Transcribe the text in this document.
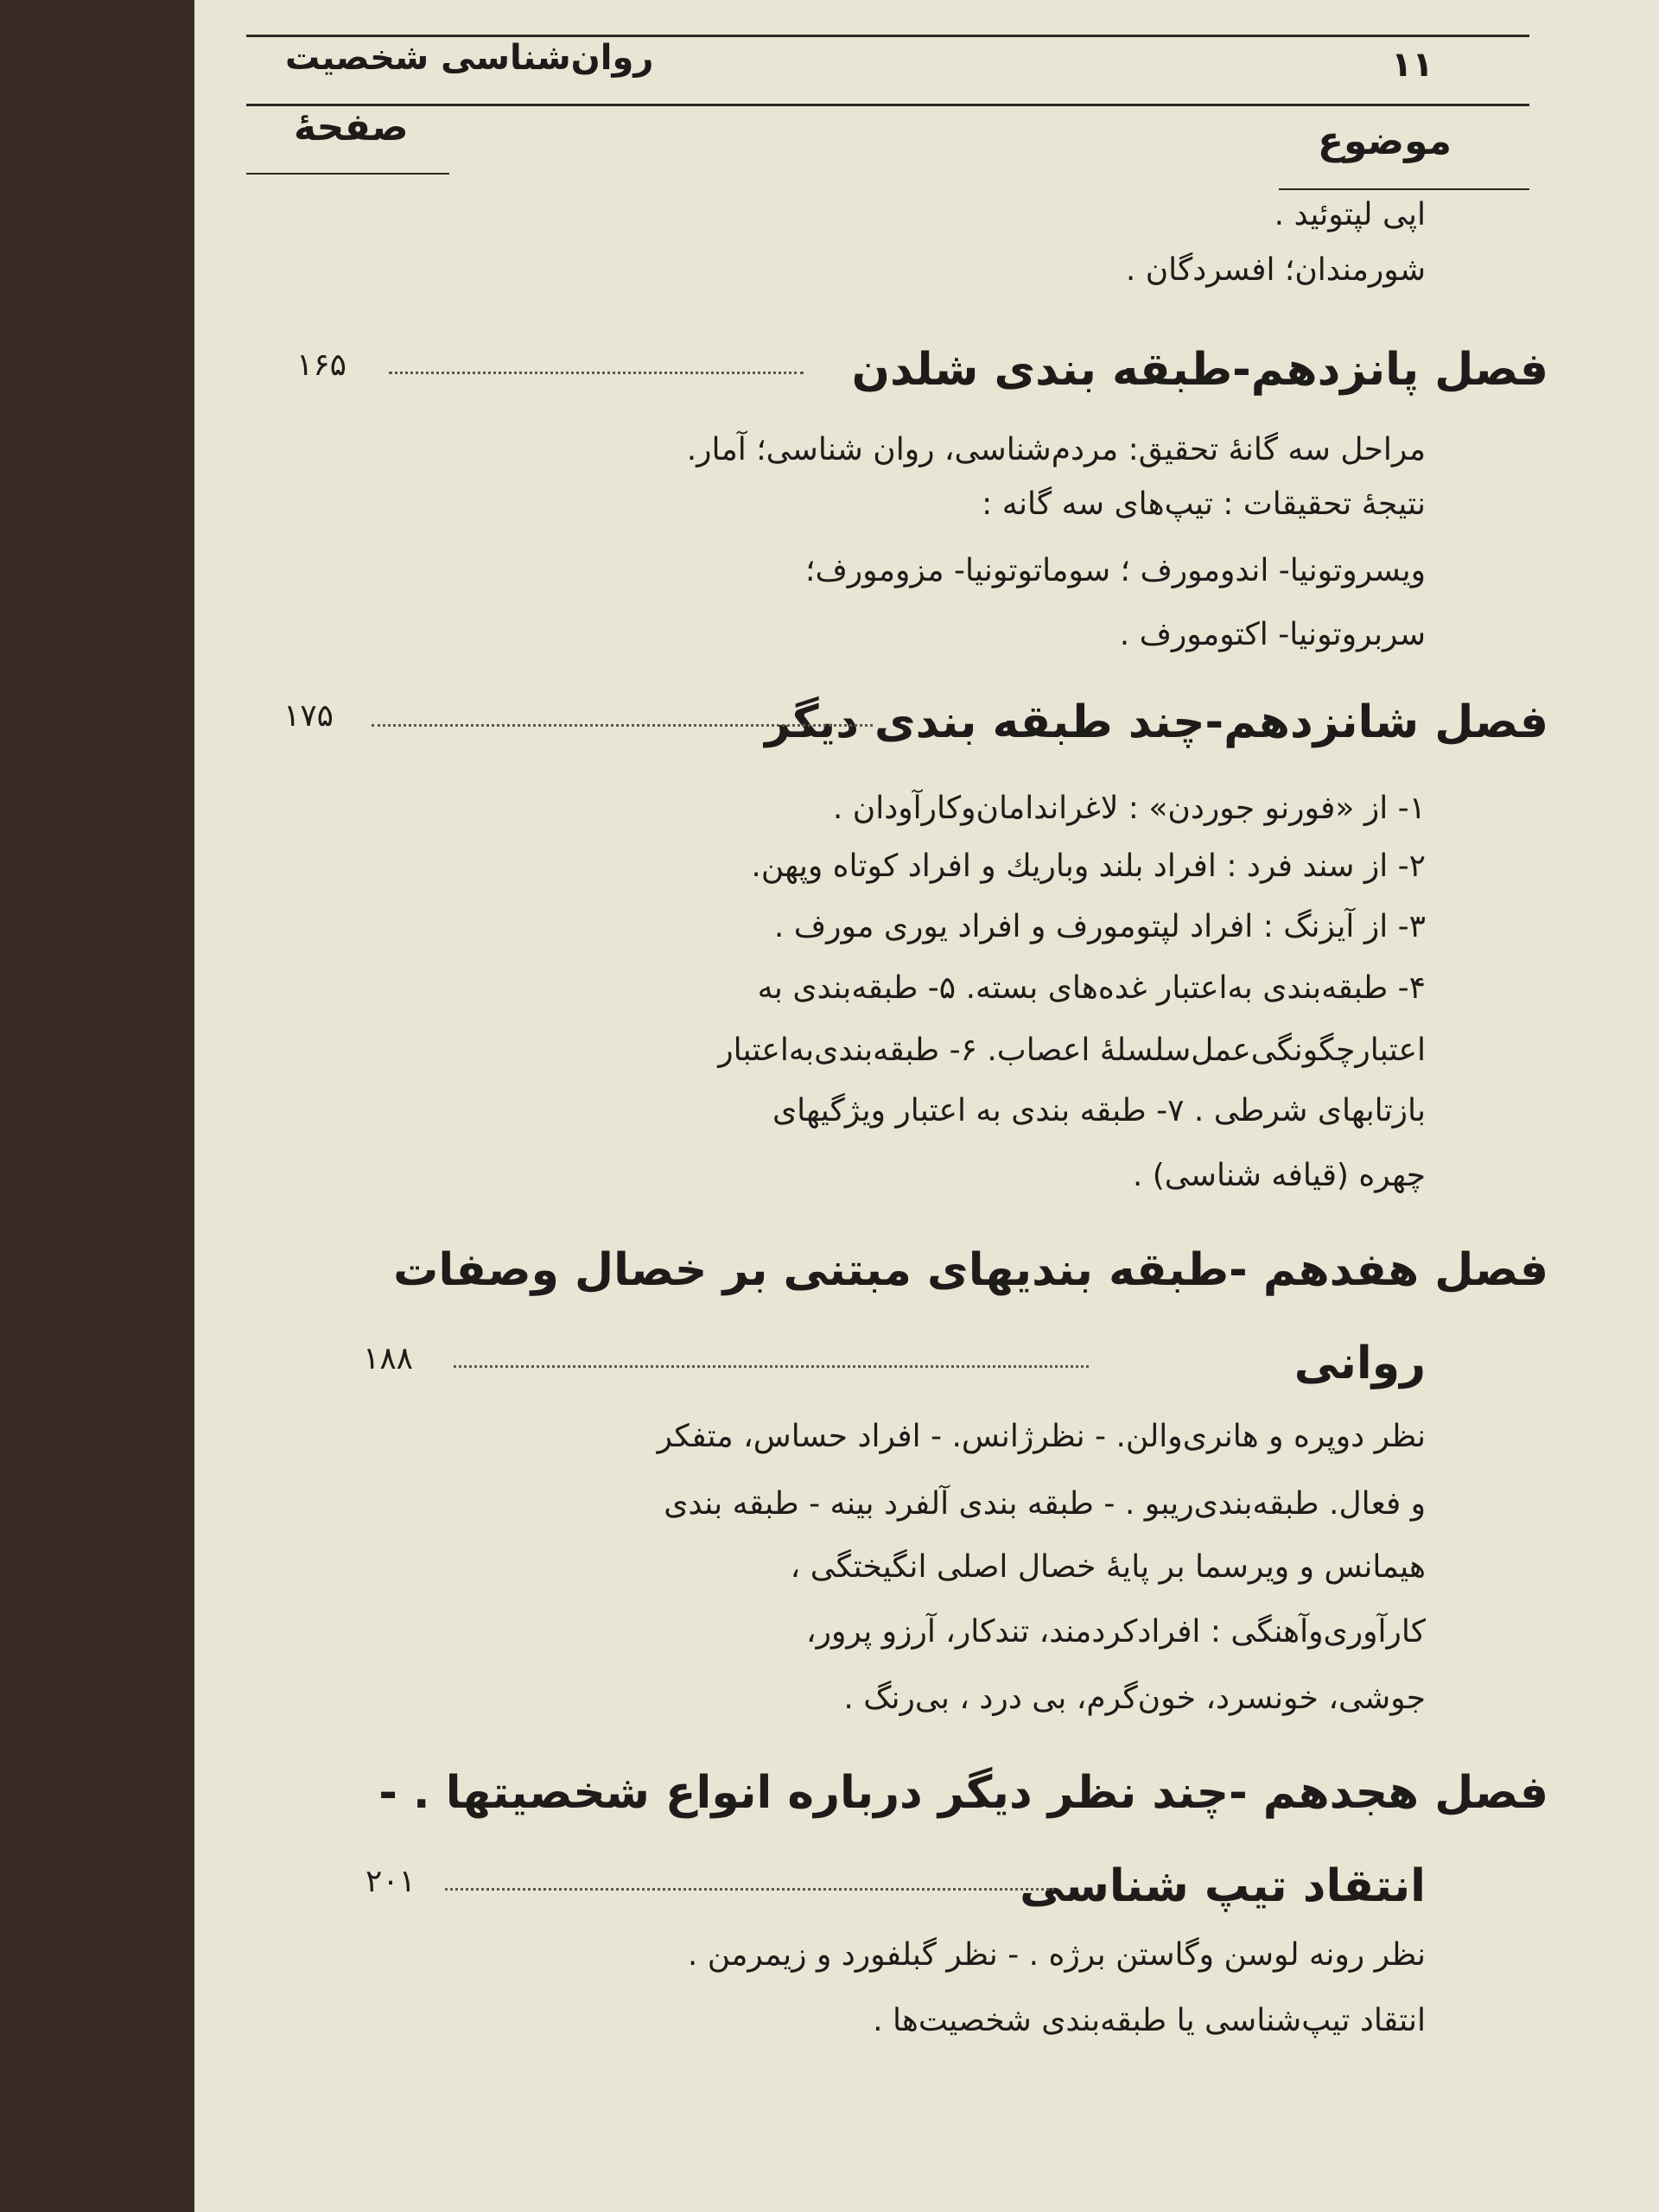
روان‌شناسی شخصیت	۱۱
صفحهٔ	موضوع
اپی لپتوئید .
شورمندان؛ افسردگان .
فصل پانزدهم-طبقه بندی شلدن
۱۶۵
مراحل سه گانهٔ تحقیق: مردم‌شناسی، روان شناسی؛ آمار.
نتیجهٔ تحقیقات : تیپ‌های سه گانه :
ویسروتونیا- اندومورف ؛ سوماتوتونیا- مزومورف؛
سربروتونیا- اکتومورف .
فصل شانزدهم-چند طبقه بندی دیگر
۱۷۵
۱- از «فورنو جوردن» : لاغراندامان‌وکارآودان .
۲- از سند فرد : افراد بلند وباریك و افراد كوتاه وپهن.
۳- از آیزنگ : افراد لپتومورف و افراد یوری مورف .
۴- طبقه‌بندی به‌اعتبار غده‌های بسته. ۵- طبقه‌بندی به
اعتبارچگونگی‌عمل‌سلسلهٔ اعصاب. ۶- طبقه‌بندی‌به‌اعتبار
بازتابهای شرطی . ۷- طبقه بندی به اعتبار ویژگیهای
چهره (قیافه شناسی) .
فصل هفدهم -طبقه بندیهای مبتنی بر خصال وصفات
روانی
۱۸۸
نظر دوپره و هانری‌والن. - نظرژانس. - افراد حساس، متفکر
و فعال. طبقه‌بندی‌ریبو . - طبقه بندی آلفرد بینه - طبقه بندی
هیمانس و ویرسما بر پایهٔ خصال اصلی انگیختگی ،
کارآوری‌وآهنگی : افرادکردمند، تندکار، آرزو پرور،
جوشی، خونسرد، خون‌گرم، بی درد ، بی‌رنگ .
فصل هجدهم -چند نظر دیگر درباره انواع شخصیتها . -
انتقاد تیپ شناسی
۲۰۱
نظر رونه لوسن وگاستن برژه . - نظر گبلفورد و زیمرمن .
انتقاد تیپ‌شناسی یا طبقه‌بندی شخصیت‌ها .
